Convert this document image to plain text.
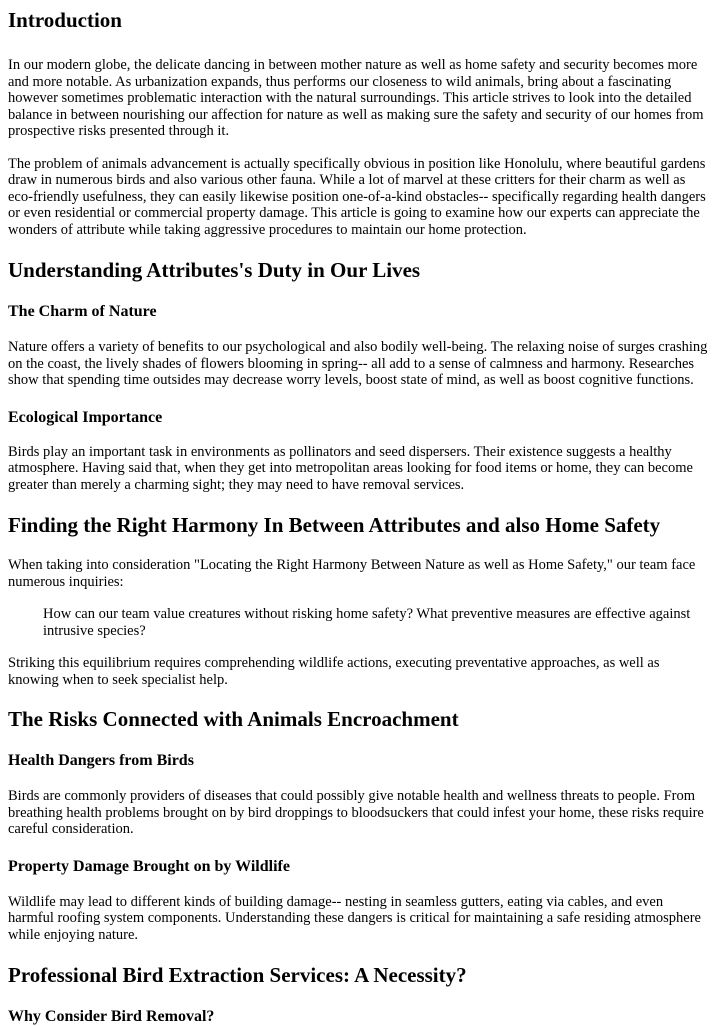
Introduction

In our modern globe, the delicate dancing in between mother nature as well as home safety and security becomes more and more notable. As urbanization expands, thus performs our closeness to wild animals, bring about a fascinating however sometimes problematic interaction with the natural surroundings. This article strives to look into the detailed balance in between nourishing our affection for nature as well as making sure the safety and security of our homes from prospective risks presented through it.

The problem of animals advancement is actually specifically obvious in position like Honolulu, where beautiful gardens draw in numerous birds and also various other fauna. While a lot of marvel at these critters for their charm as well as eco-friendly usefulness, they can easily likewise position one-of-a-kind obstacles-- specifically regarding health dangers or even residential or commercial property damage. This article is going to examine how our experts can appreciate the wonders of attribute while taking aggressive procedures to maintain our home protection.

Understanding Attributes's Duty in Our Lives
The Charm of Nature

Nature offers a variety of benefits to our psychological and also bodily well-being. The relaxing noise of surges crashing on the coast, the lively shades of flowers blooming in spring-- all add to a sense of calmness and harmony. Researches show that spending time outsides may decrease worry levels, boost state of mind, as well as boost cognitive functions.

Ecological Importance

Birds play an important task in environments as pollinators and seed dispersers. Their existence suggests a healthy atmosphere. Having said that, when they get into metropolitan areas looking for food items or home, they can become greater than merely a charming sight; they may need to have removal services.

Finding the Right Harmony In Between Attributes and also Home Safety

When taking into consideration "Locating the Right Harmony Between Nature as well as Home Safety," our team face numerous inquiries:

How can our team value creatures without risking home safety? What preventive measures are effective against intrusive species?

Striking this equilibrium requires comprehending wildlife actions, executing preventative approaches, as well as knowing when to seek specialist help.

The Risks Connected with Animals Encroachment
Health Dangers from Birds

Birds are commonly providers of diseases that could possibly give notable health and wellness threats to people. From breathing health problems brought on by bird droppings to bloodsuckers that could infest your home, these risks require careful consideration.

Property Damage Brought on by Wildlife

Wildlife may lead to different kinds of building damage-- nesting in seamless gutters, eating via cables, and even harmful roofing system components. Understanding these dangers is critical for maintaining a safe residing atmosphere while enjoying nature.

Professional Bird Extraction Services: A Necessity?
Why Consider Bird Removal?
